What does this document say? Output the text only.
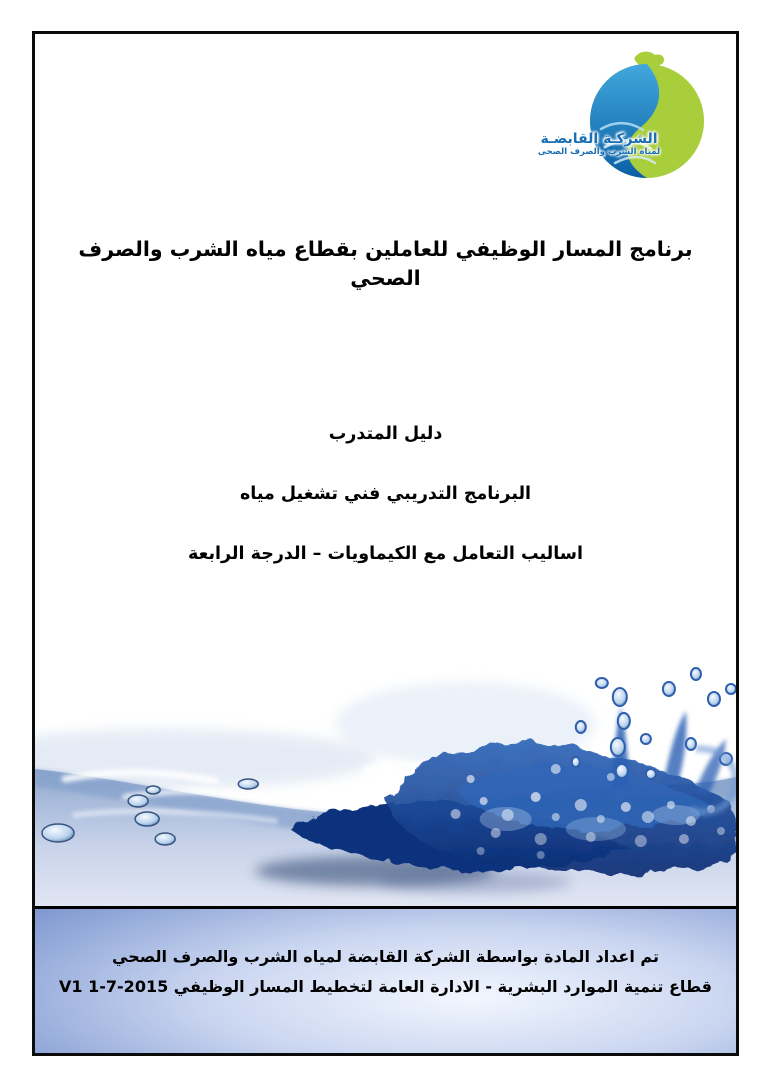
الشركـة القابضـة
لمياه الشرب والصرف الصحى
برنامج المسار الوظيفي للعاملين بقطاع مياه الشرب والصرف الصحي

دليل المتدرب

البرنامج التدريبي فني تشغيل مياه

اساليب التعامل مع الكيماويات – الدرجة الرابعة

تم اعداد المادة بواسطة الشركة القابضة لمياه الشرب والصرف الصحي

قطاع تنمية الموارد البشرية - الادارة العامة لتخطيط المسار الوظيفي V1 1-7-2015
